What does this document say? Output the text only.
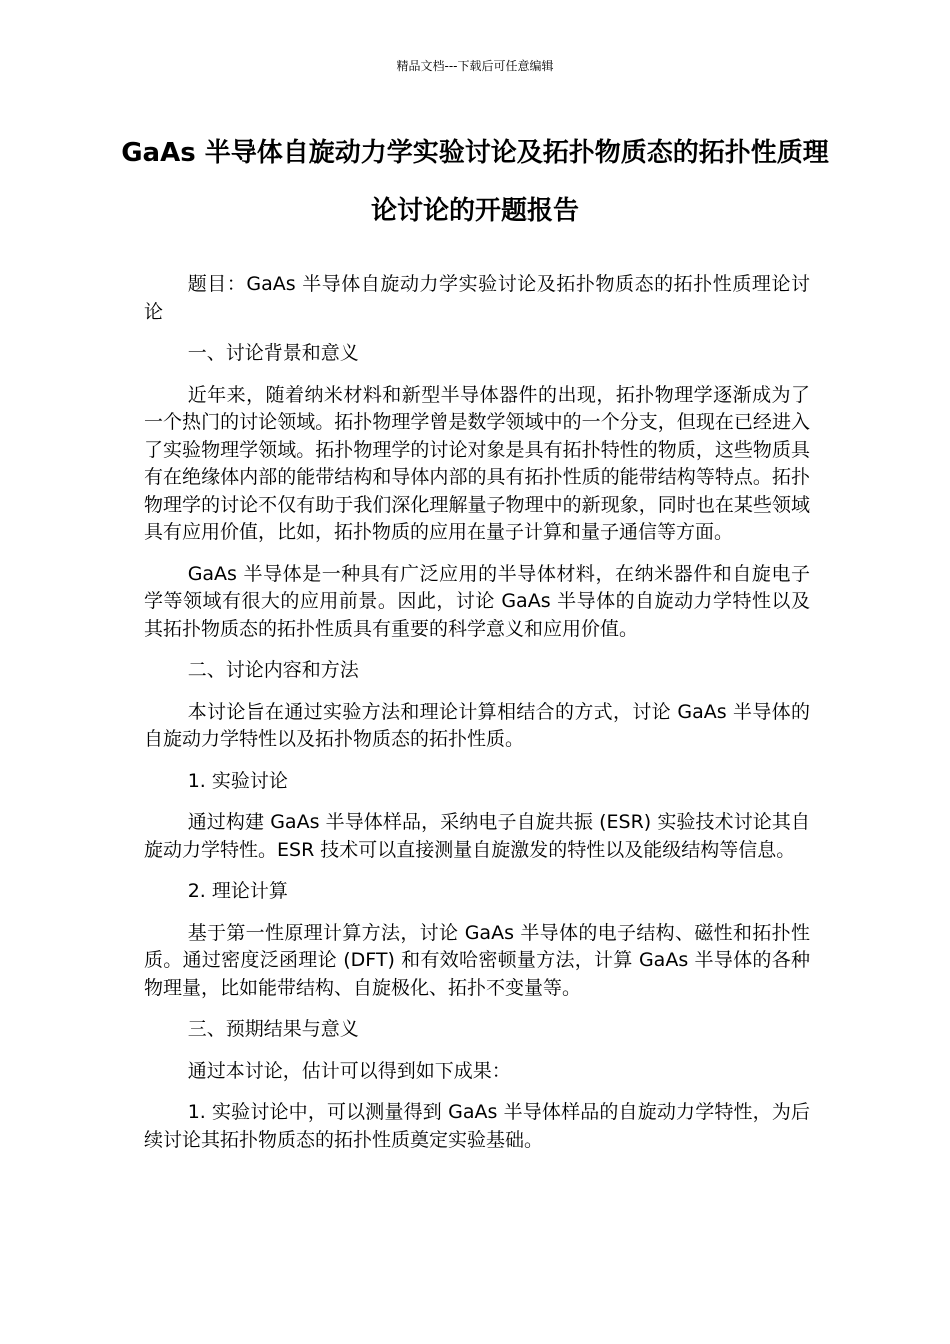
精品文档---下载后可任意编辑
GaAs 半导体自旋动力学实验讨论及拓扑物质态的拓扑性质理论讨论的开题报告

题目：GaAs 半导体自旋动力学实验讨论及拓扑物质态的拓扑性质理论讨论

一、讨论背景和意义

近年来，随着纳米材料和新型半导体器件的出现，拓扑物理学逐渐成为了一个热门的讨论领域。拓扑物理学曾是数学领域中的一个分支，但现在已经进入了实验物理学领域。拓扑物理学的讨论对象是具有拓扑特性的物质，这些物质具有在绝缘体内部的能带结构和导体内部的具有拓扑性质的能带结构等特点。拓扑物理学的讨论不仅有助于我们深化理解量子物理中的新现象，同时也在某些领域具有应用价值，比如，拓扑物质的应用在量子计算和量子通信等方面。

GaAs 半导体是一种具有广泛应用的半导体材料，在纳米器件和自旋电子学等领域有很大的应用前景。因此，讨论 GaAs 半导体的自旋动力学特性以及其拓扑物质态的拓扑性质具有重要的科学意义和应用价值。

二、讨论内容和方法

本讨论旨在通过实验方法和理论计算相结合的方式，讨论 GaAs 半导体的自旋动力学特性以及拓扑物质态的拓扑性质。

1. 实验讨论

通过构建 GaAs 半导体样品，采纳电子自旋共振 (ESR) 实验技术讨论其自旋动力学特性。ESR 技术可以直接测量自旋激发的特性以及能级结构等信息。

2. 理论计算

基于第一性原理计算方法，讨论 GaAs 半导体的电子结构、磁性和拓扑性质。通过密度泛函理论 (DFT) 和有效哈密顿量方法，计算 GaAs 半导体的各种物理量，比如能带结构、自旋极化、拓扑不变量等。

三、预期结果与意义

通过本讨论，估计可以得到如下成果：

1. 实验讨论中，可以测量得到 GaAs 半导体样品的自旋动力学特性，为后续讨论其拓扑物质态的拓扑性质奠定实验基础。
